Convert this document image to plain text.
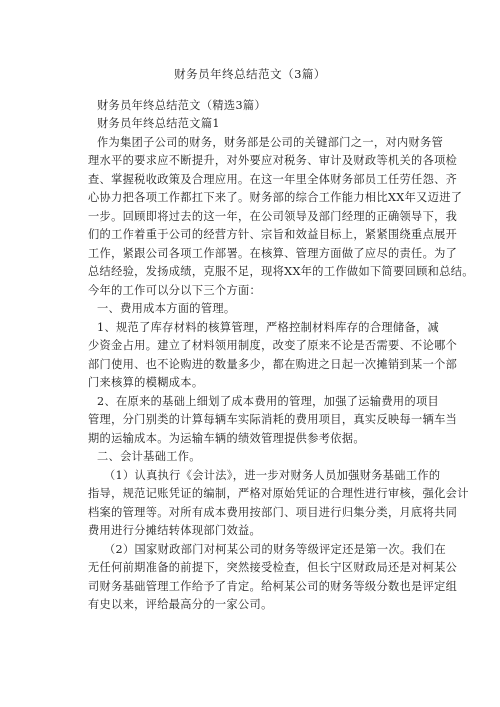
财务员年终总结范文（3篇）
财务员年终总结范文（精选3篇）
财务员年终总结范文篇1
作为集团子公司的财务，财务部是公司的关键部门之一，对内财务管
理水平的要求应不断提升，对外要应对税务、审计及财政等机关的各项检
查、掌握税收政策及合理应用。在这一年里全体财务部员工任劳任怨、齐
心协力把各项工作都扛下来了。财务部的综合工作能力相比XX年又迈进了
一步。回顾即将过去的这一年，在公司领导及部门经理的正确领导下，我
们的工作着重于公司的经营方针、宗旨和效益目标上，紧紧围绕重点展开
工作，紧跟公司各项工作部署。在核算、管理方面做了应尽的责任。为了
总结经验，发扬成绩，克服不足，现将XX年的工作做如下简要回顾和总结。
今年的工作可以分以下三个方面：
一、费用成本方面的管理。
1、规范了库存材料的核算管理，严格控制材料库存的合理储备，减
少资金占用。建立了材料领用制度，改变了原来不论是否需要、不论哪个
部门使用、也不论购进的数量多少，都在购进之日起一次摊销到某一个部
门来核算的模糊成本。
2、在原来的基础上细划了成本费用的管理，加强了运输费用的项目
管理，分门别类的计算每辆车实际消耗的费用项目，真实反映每一辆车当
期的运输成本。为运输车辆的绩效管理提供参考依据。
二、会计基础工作。
（1）认真执行《会计法》，进一步对财务人员加强财务基础工作的
指导，规范记账凭证的编制，严格对原始凭证的合理性进行审核，强化会计
档案的管理等。对所有成本费用按部门、项目进行归集分类，月底将共同
费用进行分摊结转体现部门效益。
（2）国家财政部门对柯某公司的财务等级评定还是第一次。我们在
无任何前期准备的前提下，突然接受检查，但长宁区财政局还是对柯某公
司财务基础管理工作给予了肯定。给柯某公司的财务等级分数也是评定组
有史以来，评给最高分的一家公司。
